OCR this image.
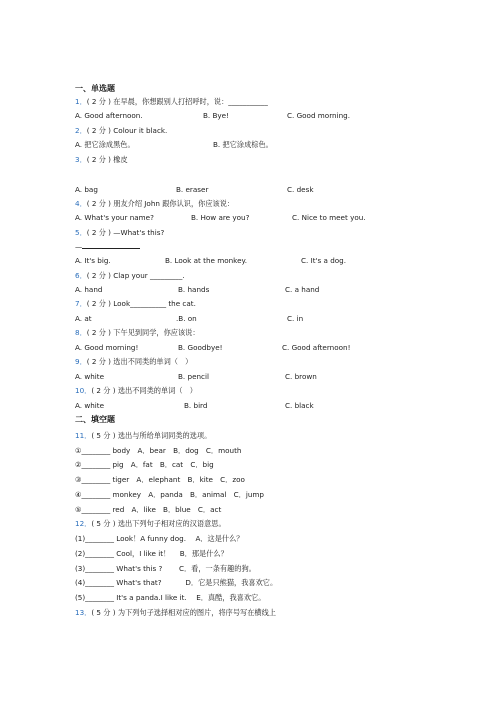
一、单选题
1．( 2 分 ) 在早晨，你想跟别人打招呼时，说：___________
A. Good afternoon.	B. Bye!	C. Good morning.
2．( 2 分 ) Colour it black.
A. 把它涂成黑色。	B. 把它涂成棕色。
3．( 2 分 ) 橡皮
A. bag	B. eraser	C. desk
4．( 2 分 ) 朋友介绍 John 跟你认识，你应该说：
A. What's your name?	B. How are you?	C. Nice to meet you.
5．( 2 分 ) —What's this?
—
A. It's big.	B. Look at the monkey.	C. It's a dog.
6．( 2 分 ) Clap your _________.
A. hand	B. hands	C. a hand
7．( 2 分 ) Look__________ the cat.
A. at	.B. on	C. in
8．( 2 分 ) 下午见到同学，你应该说：
A. Good morning!	B. Goodbye!	C. Good afternoon!
9．( 2 分 ) 选出不同类的单词（　）
A. white	B. pencil	C. brown
10．( 2 分 ) 选出不同类的单词（　）
A. white	B. bird	C. black
二、填空题
11．( 5 分 ) 选出与所给单词同类的选项。
①________ body　A．bear　B．dog　C．mouth
②________ pig　A．fat　B．cat　C．big
③________ tiger　A．elephant　B．kite　C．zoo
④________ monkey　A．panda　B．animal　C．jump
⑤________ red　A．like　B．blue　C．act
12．( 5 分 ) 选出下列句子相对应的汉语意思。
(1)________ Look！A funny dog.　 A．这是什么？
(2)________ Cool，I like it！　 B．那是什么？
(3)________ What's this ?　　 C．看，一条有趣的狗。
(4)________ What's that?　　　 D．它是只熊猫，我喜欢它。
(5)________ It's a panda.I like it.　 E．真酷，我喜欢它。
13．( 5 分 ) 为下列句子选择相对应的图片，将序号写在横线上
